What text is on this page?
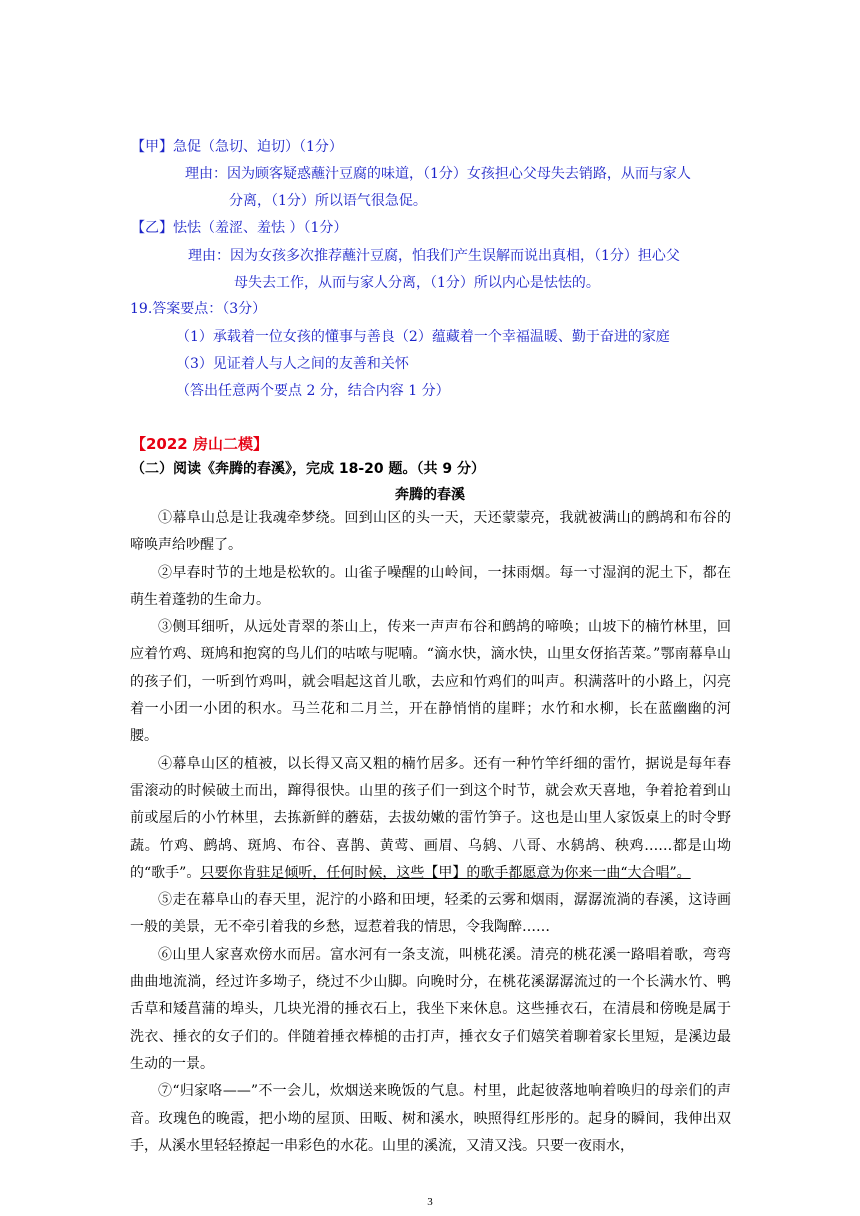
【甲】急促（急切、迫切）（1分）
理由：因为顾客疑惑蘸汁豆腐的味道，（1分）女孩担心父母失去销路，从而与家人
分离，（1分）所以语气很急促。
【乙】怯怯（羞涩、羞怯 ）（1分）
理由：因为女孩多次推荐蘸汁豆腐，怕我们产生误解而说出真相，（1分）担心父
母失去工作，从而与家人分离，（1分）所以内心是怯怯的。
19.答案要点：（3分）
（1）承载着一位女孩的懂事与善良（2）蕴藏着一个幸福温暖、勤于奋进的家庭
（3）见证着人与人之间的友善和关怀
（答出任意两个要点 2 分，结合内容 1 分）
【2022 房山二模】
（二）阅读《奔腾的春溪》，完成 18-20 题。（共 9 分）
奔腾的春溪

①幕阜山总是让我魂牵梦绕。回到山区的头一天，天还蒙蒙亮，我就被满山的鹧鸪和布谷的啼唤声给吵醒了。

②早春时节的土地是松软的。山雀子噪醒的山岭间，一抹雨烟。每一寸湿润的泥土下，都在萌生着蓬勃的生命力。

③侧耳细听，从远处青翠的茶山上，传来一声声布谷和鹧鸪的啼唤；山坡下的楠竹林里，回应着竹鸡、斑鸠和抱窝的鸟儿们的咕哝与呢喃。“滴水快，滴水快，山里女伢掐苦菜。”鄂南幕阜山的孩子们，一听到竹鸡叫，就会唱起这首儿歌，去应和竹鸡们的叫声。积满落叶的小路上，闪亮着一小团一小团的积水。马兰花和二月兰，开在静悄悄的崖畔；水竹和水柳，长在蓝幽幽的河腰。

④幕阜山区的植被，以长得又高又粗的楠竹居多。还有一种竹竿纤细的雷竹，据说是每年春雷滚动的时候破土而出，蹿得很快。山里的孩子们一到这个时节，就会欢天喜地，争着抢着到山前或屋后的小竹林里，去拣新鲜的蘑菇，去拔幼嫩的雷竹笋子。这也是山里人家饭桌上的时令野蔬。竹鸡、鹧鸪、斑鸠、布谷、喜鹊、黄莺、画眉、乌鸫、八哥、水鸫鸪、秧鸡……都是山坳的“歌手”。只要你肯驻足倾听，任何时候，这些【甲】的歌手都愿意为你来一曲“大合唱”。

⑤走在幕阜山的春天里，泥泞的小路和田埂，轻柔的云雾和烟雨，潺潺流淌的春溪，这诗画一般的美景，无不牵引着我的乡愁，逗惹着我的情思，令我陶醉……

⑥山里人家喜欢傍水而居。富水河有一条支流，叫桃花溪。清亮的桃花溪一路唱着歌，弯弯曲曲地流淌，经过许多坳子，绕过不少山脚。向晚时分，在桃花溪潺潺流过的一个长满水竹、鸭舌草和矮菖蒲的埠头，几块光滑的捶衣石上，我坐下来休息。这些捶衣石，在清晨和傍晚是属于洗衣、捶衣的女子们的。伴随着捶衣棒槌的击打声，捶衣女子们嬉笑着聊着家长里短，是溪边最生动的一景。

⑦“归家咯——”不一会儿，炊烟送来晚饭的气息。村里，此起彼落地响着唤归的母亲们的声音。玫瑰色的晚霞，把小坳的屋顶、田畈、树和溪水，映照得红彤彤的。起身的瞬间，我伸出双手，从溪水里轻轻撩起一串彩色的水花。山里的溪流，又清又浅。只要一夜雨水，

3
